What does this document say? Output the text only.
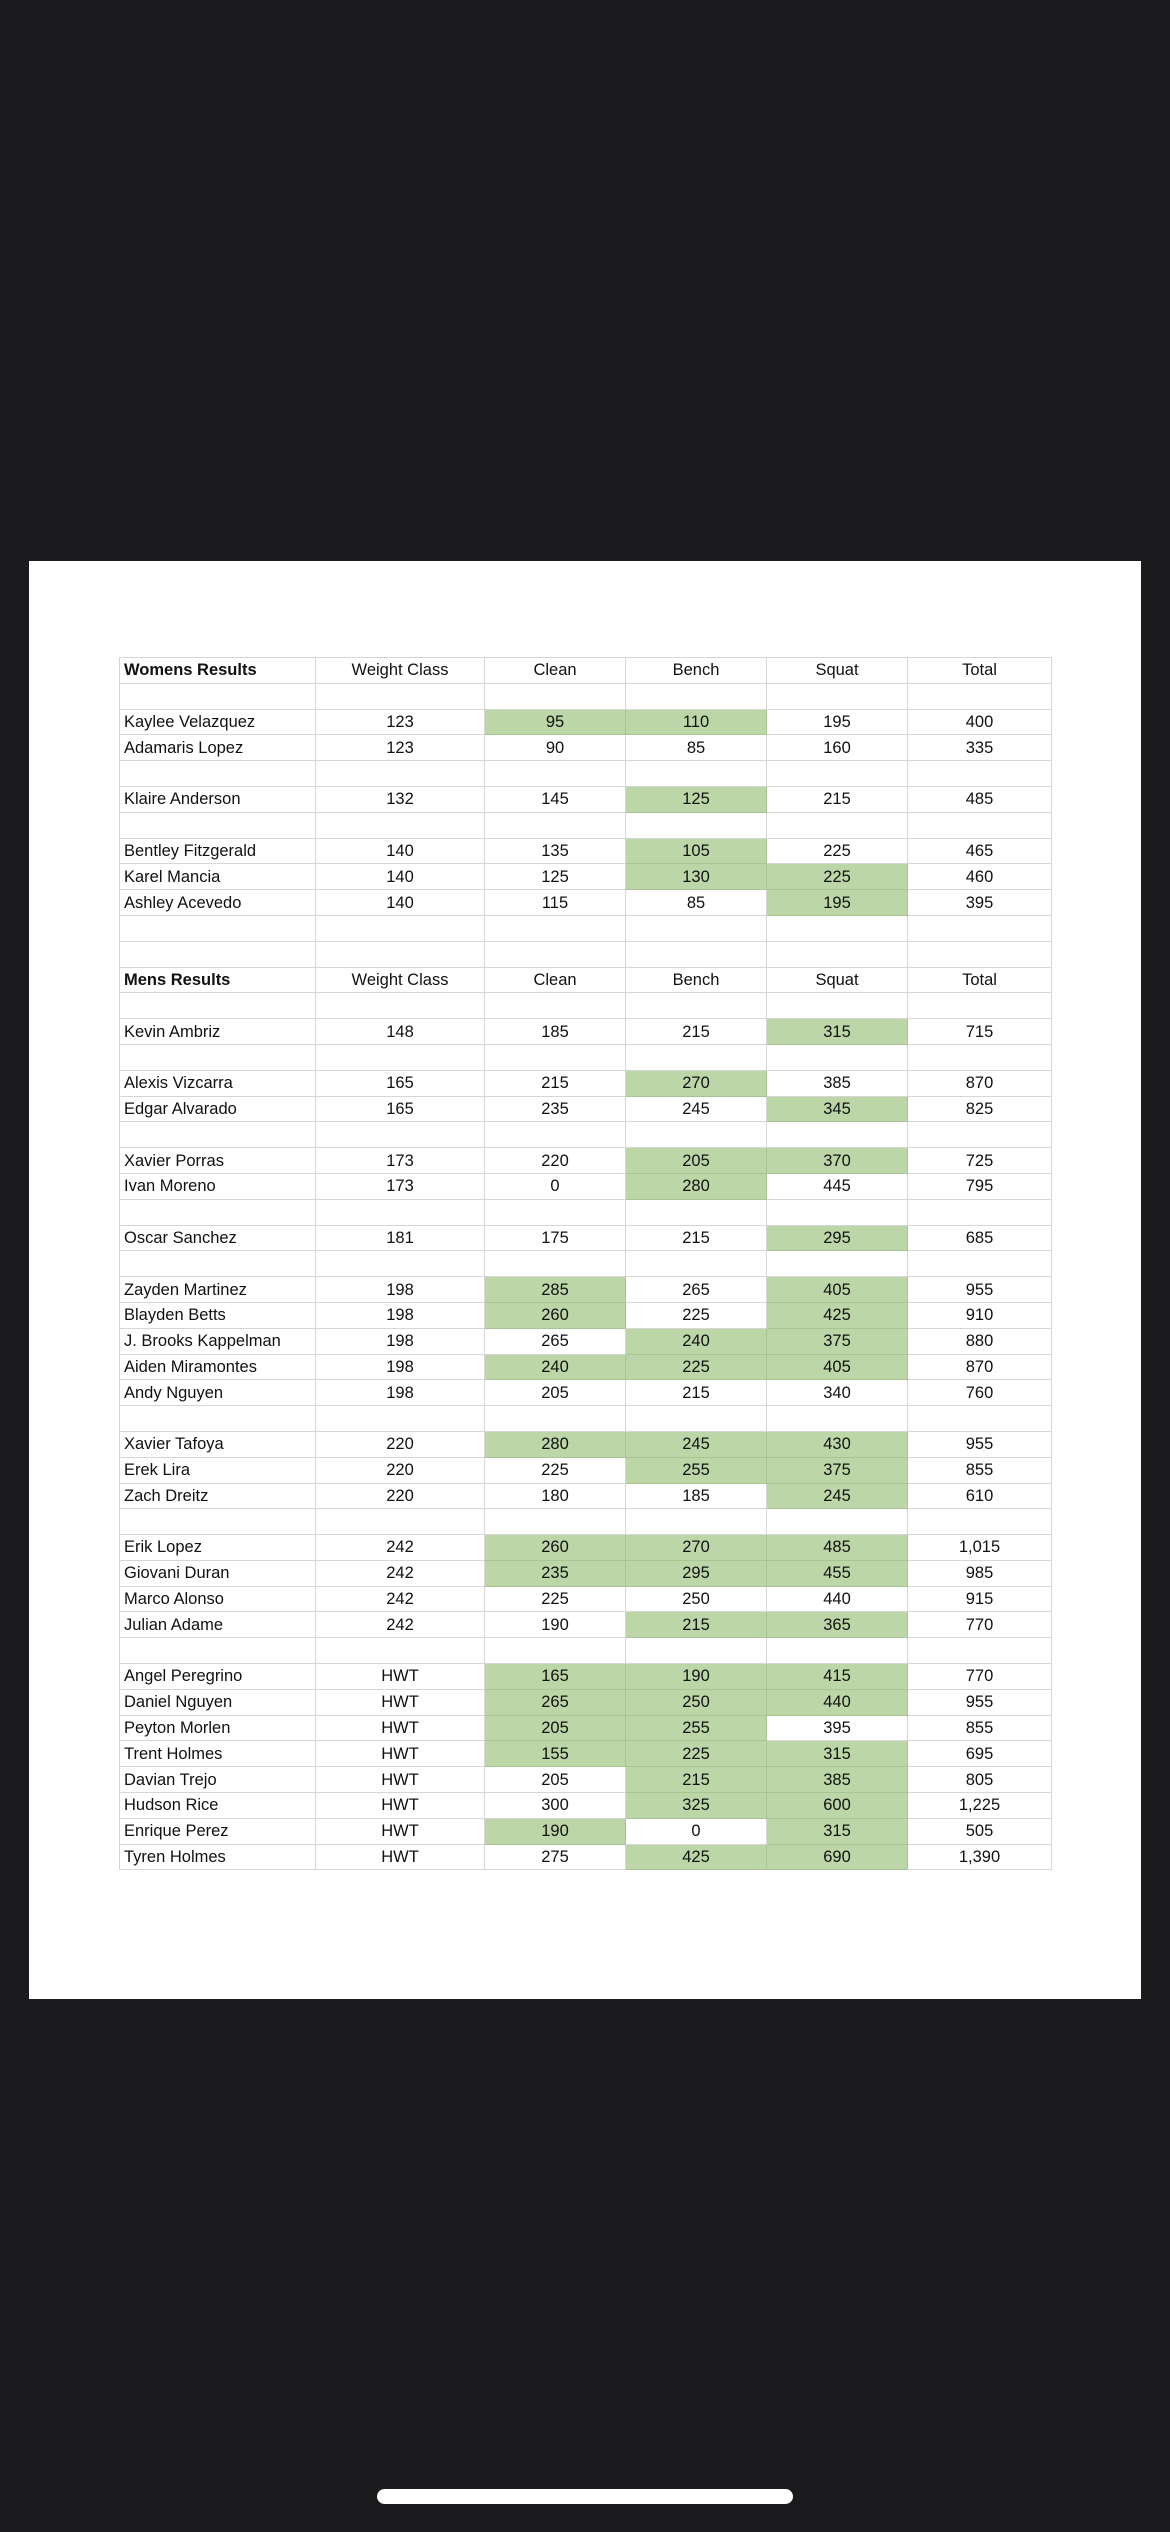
Womens Results	Weight Class	Clean	Bench	Squat	Total

Kaylee Velazquez	123	95	110	195	400
Adamaris Lopez	123	90	85	160	335

Klaire Anderson	132	145	125	215	485

Bentley Fitzgerald	140	135	105	225	465
Karel Mancia	140	125	130	225	460
Ashley Acevedo	140	115	85	195	395

Mens Results	Weight Class	Clean	Bench	Squat	Total

Kevin Ambriz	148	185	215	315	715

Alexis Vizcarra	165	215	270	385	870
Edgar Alvarado	165	235	245	345	825

Xavier Porras	173	220	205	370	725
Ivan Moreno	173	0	280	445	795

Oscar Sanchez	181	175	215	295	685

Zayden Martinez	198	285	265	405	955
Blayden Betts	198	260	225	425	910
J. Brooks Kappelman	198	265	240	375	880
Aiden Miramontes	198	240	225	405	870
Andy Nguyen	198	205	215	340	760

Xavier Tafoya	220	280	245	430	955
Erek Lira	220	225	255	375	855
Zach Dreitz	220	180	185	245	610

Erik Lopez	242	260	270	485	1,015
Giovani Duran	242	235	295	455	985
Marco Alonso	242	225	250	440	915
Julian Adame	242	190	215	365	770

Angel Peregrino	HWT	165	190	415	770
Daniel Nguyen	HWT	265	250	440	955
Peyton Morlen	HWT	205	255	395	855
Trent Holmes	HWT	155	225	315	695
Davian Trejo	HWT	205	215	385	805
Hudson Rice	HWT	300	325	600	1,225
Enrique Perez	HWT	190	0	315	505
Tyren Holmes	HWT	275	425	690	1,390
